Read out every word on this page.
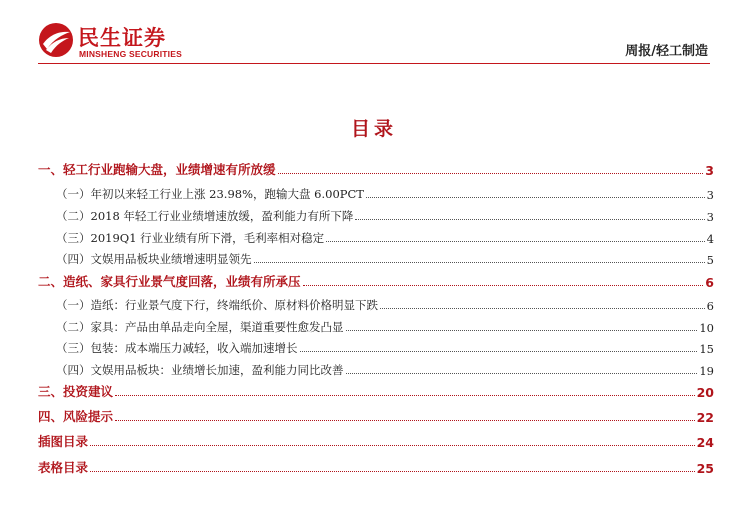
民生证券
MINSHENG SECURITIES	周报/轻工制造
目录
一、轻工行业跑输大盘，业绩增速有所放缓	3
（一）年初以来轻工行业上涨 23.98%，跑输大盘 6.00PCT	3
（二）2018 年轻工行业业绩增速放缓，盈利能力有所下降	3
（三）2019Q1 行业业绩有所下滑，毛利率相对稳定	4
（四）文娱用品板块业绩增速明显领先	5
二、造纸、家具行业景气度回落，业绩有所承压	6
（一）造纸：行业景气度下行，终端纸价、原材料价格明显下跌	6
（二）家具：产品由单品走向全屋，渠道重要性愈发凸显	10
（三）包装：成本端压力减轻，收入端加速增长	15
（四）文娱用品板块：业绩增长加速，盈利能力同比改善	19
三、投资建议	20
四、风险提示	22
插图目录	24
表格目录	25
